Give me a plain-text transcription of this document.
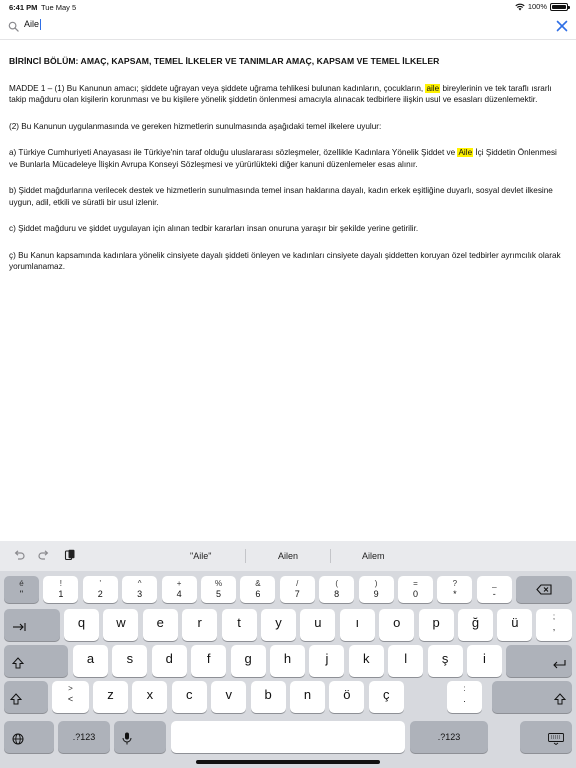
6:41 PM Tue May 5	100%
Aile
BİRİNCİ BÖLÜM: AMAÇ, KAPSAM, TEMEL İLKELER VE TANIMLAR AMAÇ, KAPSAM VE TEMEL İLKELER

MADDE 1 – (1) Bu Kanunun amacı; şiddete uğrayan veya şiddete uğrama tehlikesi bulunan kadınların, çocukların, aile bireylerinin ve tek taraflı ısrarlı takip mağduru olan kişilerin korunması ve bu kişilere yönelik şiddetin önlenmesi amacıyla alınacak tedbirlere ilişkin usul ve esasları düzenlemektir.

(2) Bu Kanunun uygulanmasında ve gereken hizmetlerin sunulmasında aşağıdaki temel ilkelere uyulur:

a) Türkiye Cumhuriyeti Anayasası ile Türkiye'nin taraf olduğu uluslararası sözleşmeler, özellikle Kadınlara Yönelik Şiddet ve Aile İçi Şiddetin Önlenmesi ve Bunlarla Mücadeleye İlişkin Avrupa Konseyi Sözleşmesi ve yürürlükteki diğer kanuni düzenlemeler esas alınır.

b) Şiddet mağdurlarına verilecek destek ve hizmetlerin sunulmasında temel insan haklarına dayalı, kadın erkek eşitliğine duyarlı, sosyal devlet ilkesine uygun, adil, etkili ve süratli bir usul izlenir.

c) Şiddet mağduru ve şiddet uygulayan için alınan tedbir kararları insan onuruna yaraşır bir şekilde yerine getirilir.

ç) Bu Kanun kapsamında kadınlara yönelik cinsiyete dayalı şiddeti önleyen ve kadınları cinsiyete dayalı şiddetten koruyan özel tedbirler ayrımcılık olarak yorumlanamaz.

"Aile"	Ailen	Ailem
é
"
!
1
'
2
^
3
+
4
%
5
&
6
/
7
(
8
)
9
=
0
?
*
_
-
q	w	e	r	t	y	u	ı	o	p	ğ	ü	;
,
a	s	d	f	g	h	j	k	l	ş	i
>
<	z	x	c	v	b	n	ö	ç	:
.
.?123	.?123
